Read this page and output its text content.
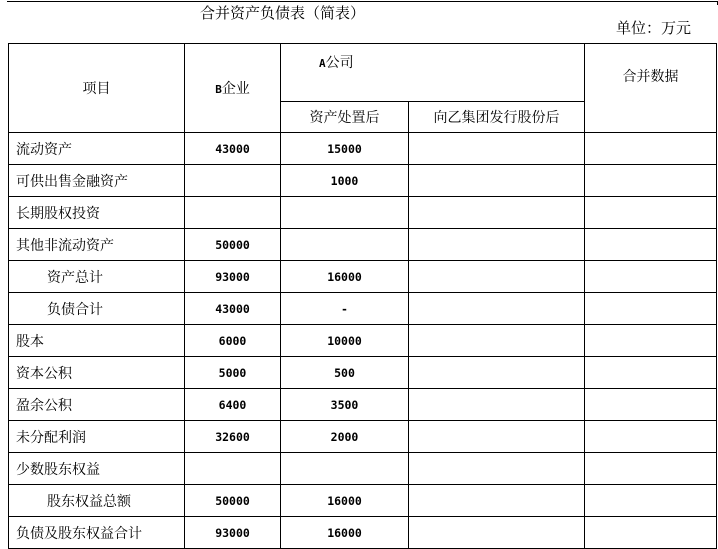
合并资产负债表（简表）
单位：万元
项目	B企业	A公司		合并数据
		资产处置后	向乙集团发行股份后	
流动资产	43000	15000		
可供出售金融资产		1000		
长期股权投资				
其他非流动资产	50000			
资产总计	93000	16000		
负债合计	43000	-		
股本	6000	10000		
资本公积	5000	500		
盈余公积	6400	3500		
未分配利润	32600	2000		
少数股东权益				
股东权益总额	50000	16000		
负债及股东权益合计	93000	16000		
